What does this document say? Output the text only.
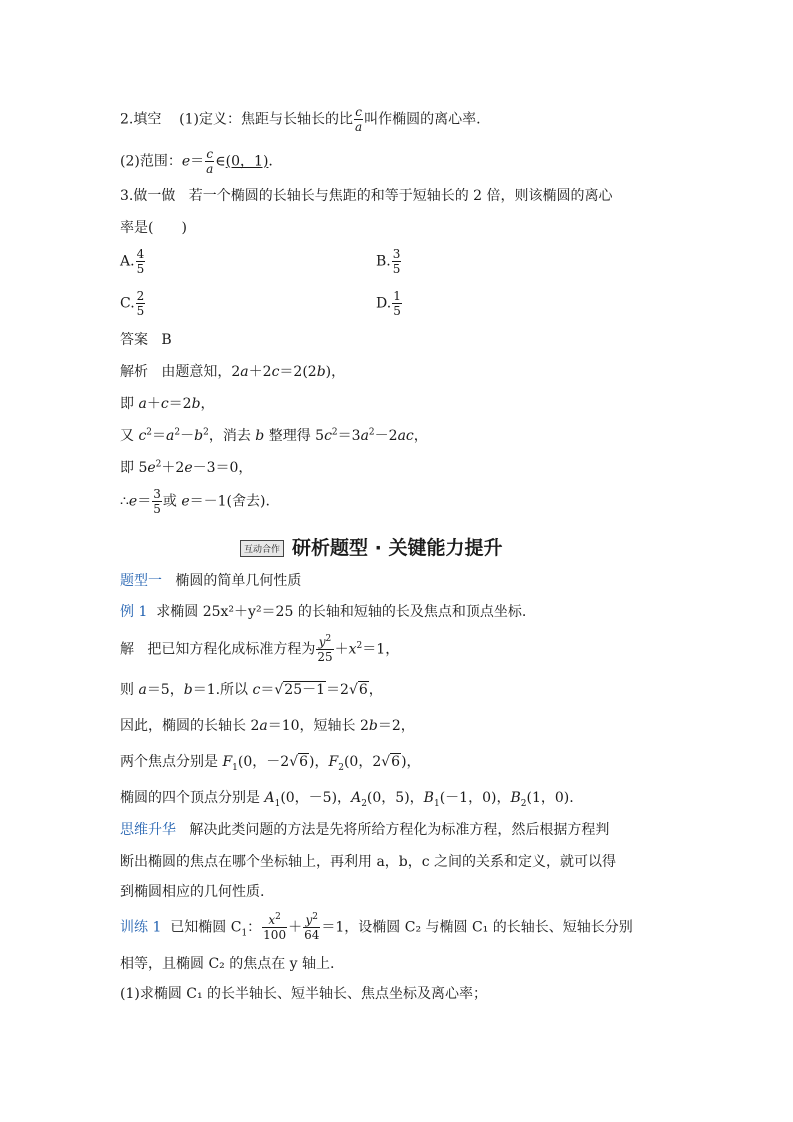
2.填空 (1)定义：焦距与长轴长的比 $\frac{c}{a}$ 叫作椭圆的离心率.
(2)范围：$e= \frac{c}{a}$ ∈(0，1).
3.做一做 若一个椭圆的长轴长与焦距的和等于短轴长的 2 倍，则该椭圆的离心
率是(　　)
A. $\frac{4}{5}$	B. $\frac{3}{5}$
C. $\frac{2}{5}$	D. $\frac{1}{5}$
答案 B
解析 由题意知，2a＋2c＝2(2b)，
即 a＋c＝2b，
又 $c^2=a^2-b^2$，消去 b 整理得 $5c^2=3a^2-2ac$，
即 $5e^2+2e-3=0$，
∴e＝ $\frac{3}{5}$ 或 e＝－1(舍去).
互动合作 研析题型 · 关键能力提升
题型一 椭圆的简单几何性质
例 1 求椭圆 25x²＋y²＝25 的长轴和短轴的长及焦点和顶点坐标.
解 把已知方程化成标准方程为 $\frac{y^2}{25} +x^2=1$，
则 a＝5，b＝1.所以 c＝√25－1＝2√6，
因此，椭圆的长轴长 2a＝10，短轴长 2b＝2，
两个焦点分别是 $F_1(0$，－2√6)，$F_2(0$，2√6)，
椭圆的四个顶点分别是 $A_1(0$，－5)，$A_2(0$，5)，$B_1(-1$，0)，$B_2(1$，0).
思维升华 解决此类问题的方法是先将所给方程化为标准方程，然后根据方程判
断出椭圆的焦点在哪个坐标轴上，再利用 a，b，c 之间的关系和定义，就可以得
到椭圆相应的几何性质.
训练 1 已知椭圆 $C_1$： $\frac{x^2}{100} + \frac{y^2}{64} =1$，设椭圆 C₂ 与椭圆 C₁ 的长轴长、短轴长分别
相等，且椭圆 C₂ 的焦点在 y 轴上.
(1)求椭圆 C₁ 的长半轴长、短半轴长、焦点坐标及离心率；
